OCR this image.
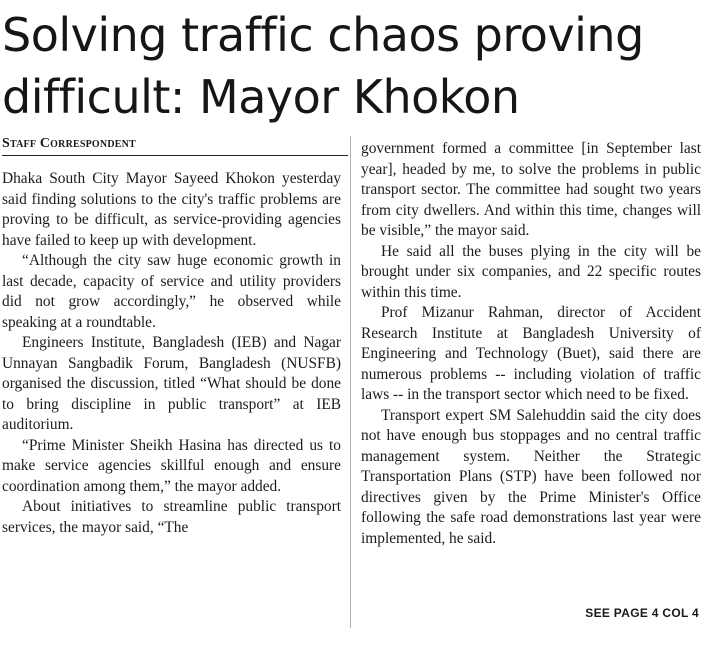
Solving traffic chaos proving
difficult: Mayor Khokon
Staff Correspondent

Dhaka South City Mayor Sayeed Khokon yesterday said finding solutions to the city's traffic problems are proving to be difficult, as service-providing agencies have failed to keep up with development.

“Although the city saw huge economic growth in last decade, capacity of service and utility providers did not grow accordingly,” he observed while speaking at a roundtable.

Engineers Institute, Bangladesh (IEB) and Nagar Unnayan Sangbadik Forum, Bangladesh (NUSFB) organised the discussion, titled “What should be done to bring discipline in public transport” at IEB auditorium.

“Prime Minister Sheikh Hasina has directed us to make service agencies skillful enough and ensure coordination among them,” the mayor added.

About initiatives to streamline public transport services, the mayor said, “The

government formed a committee [in September last year], headed by me, to solve the problems in public transport sector. The committee had sought two years from city dwellers. And within this time, changes will be visible,” the mayor said.

He said all the buses plying in the city will be brought under six companies, and 22 specific routes within this time.

Prof Mizanur Rahman, director of Accident Research Institute at Bangladesh University of Engineering and Technology (Buet), said there are numerous problems -- including violation of traffic laws -- in the transport sector which need to be fixed.

Transport expert SM Salehuddin said the city does not have enough bus stoppages and no central traffic management system. Neither the Strategic Transportation Plans (STP) have been followed nor directives given by the Prime Minister's Office following the safe road demonstrations last year were implemented, he said.

SEE PAGE 4 COL 4
